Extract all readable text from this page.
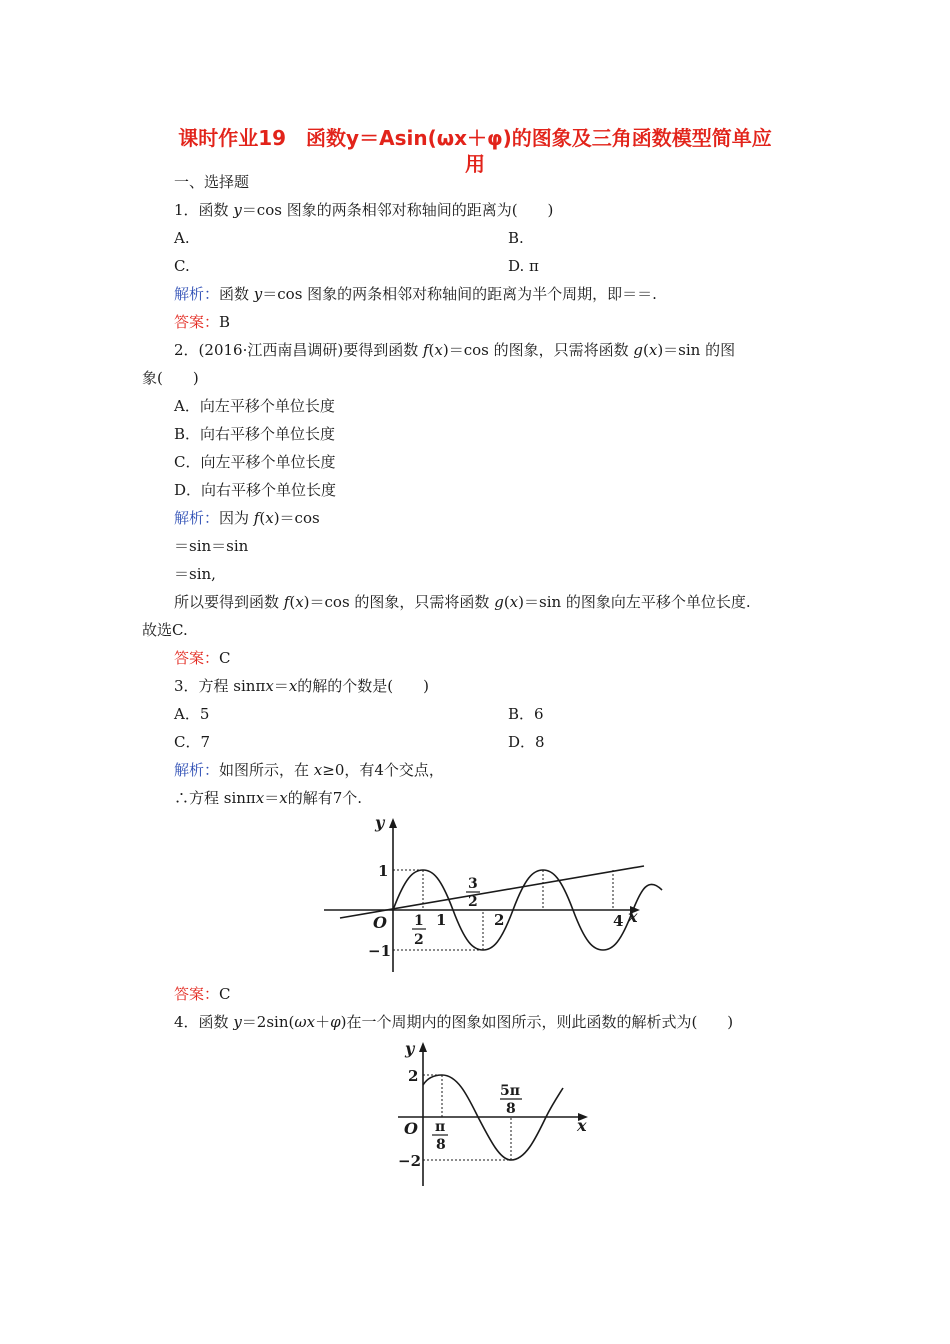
课时作业19　函数y＝Asin(ωx＋φ)的图象及三角函数模型简单应
用
一、选择题
1．函数 y＝cos 图象的两条相邻对称轴间的距离为(　　)
A.	B.
C.	D. π
解析：函数 y＝cos 图象的两条相邻对称轴间的距离为半个周期，即＝＝.
答案：B
2．(2016·江西南昌调研)要得到函数 f(x)＝cos 的图象，只需将函数 g(x)＝sin 的图
象(　　)
A．向左平移个单位长度
B．向右平移个单位长度
C．向左平移个单位长度
D．向右平移个单位长度
解析：因为 f(x)＝cos
＝sin＝sin
＝sin,
所以要得到函数 f(x)＝cos 的图象，只需将函数 g(x)＝sin 的图象向左平移个单位长度.
故选C.
答案：C
3．方程 sinπx＝x的解的个数是(　　)
A．5	B．6
C．7	D．8
解析：如图所示，在 x≥0，有4个交点，
∴方程 sinπx＝x的解有7个.
y
x
O
1
−1
1
2
1
3
2
2	4
答案：C
4．函数 y＝2sin(ωx＋φ)在一个周期内的图象如图所示，则此函数的解析式为(　　)
y
x
O
2
−2
π
8
5π
8
